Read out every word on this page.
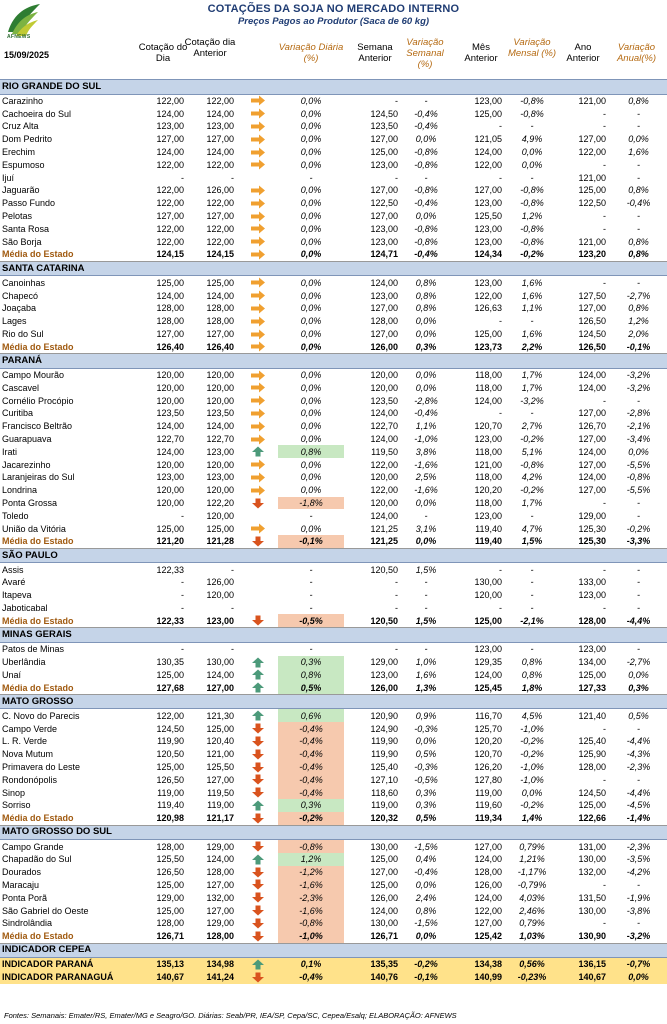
AFNEWS
COTAÇÕES DA SOJA NO MERCADO INTERNO
Preços Pagos ao Produtor (Saca de 60 kg)
15/09/2025
Cotação do Dia
Cotação dia Anterior
Variação Diária (%)
Semana Anterior
Variação Semanal (%)
Mês Anterior
Variação Mensal (%)
Ano Anterior
Variação Anual(%)
RIO GRANDE DO SUL										
Carazinho	122,00	122,00		0,0%	-	-	123,00	-0,8%	121,00	0,8%
Cachoeira do Sul	124,00	124,00		0,0%	124,50	-0,4%	125,00	-0,8%	-	-
Cruz Alta	123,00	123,00		0,0%	123,50	-0,4%	-	-	-	-
Dom Pedrito	127,00	127,00		0,0%	127,00	0,0%	121,05	4,9%	127,00	0,0%
Erechim	124,00	124,00		0,0%	125,00	-0,8%	124,00	0,0%	122,00	1,6%
Espumoso	122,00	122,00		0,0%	123,00	-0,8%	122,00	0,0%	-	-
Ijuí	-	-		-	-	-	-	-	121,00	-
Jaguarão	122,00	126,00		0,0%	127,00	-0,8%	127,00	-0,8%	125,00	0,8%
Passo Fundo	122,00	122,00		0,0%	122,50	-0,4%	123,00	-0,8%	122,50	-0,4%
Pelotas	127,00	127,00		0,0%	127,00	0,0%	125,50	1,2%	-	-
Santa Rosa	122,00	122,00		0,0%	123,00	-0,8%	123,00	-0,8%	-	-
São Borja	122,00	122,00		0,0%	123,00	-0,8%	123,00	-0,8%	121,00	0,8%
Média do Estado	124,15	124,15		0,0%	124,71	-0,4%	124,34	-0,2%	123,20	0,8%
SANTA CATARINA										
Canoinhas	125,00	125,00		0,0%	124,00	0,8%	123,00	1,6%	-	-
Chapecó	124,00	124,00		0,0%	123,00	0,8%	122,00	1,6%	127,50	-2,7%
Joaçaba	128,00	128,00		0,0%	127,00	0,8%	126,63	1,1%	127,00	0,8%
Lages	128,00	128,00		0,0%	128,00	0,0%	-	-	126,50	1,2%
Rio do Sul	127,00	127,00		0,0%	127,00	0,0%	125,00	1,6%	124,50	2,0%
Média do Estado	126,40	126,40		0,0%	126,00	0,3%	123,73	2,2%	126,50	-0,1%
PARANÁ										
Campo Mourão	120,00	120,00		0,0%	120,00	0,0%	118,00	1,7%	124,00	-3,2%
Cascavel	120,00	120,00		0,0%	120,00	0,0%	118,00	1,7%	124,00	-3,2%
Cornélio Procópio	120,00	120,00		0,0%	123,50	-2,8%	124,00	-3,2%	-	-
Curitiba	123,50	123,50		0,0%	124,00	-0,4%	-	-	127,00	-2,8%
Francisco Beltrão	124,00	124,00		0,0%	122,70	1,1%	120,70	2,7%	126,70	-2,1%
Guarapuava	122,70	122,70		0,0%	124,00	-1,0%	123,00	-0,2%	127,00	-3,4%
Irati	124,00	123,00		0,8%	119,50	3,8%	118,00	5,1%	124,00	0,0%
Jacarezinho	120,00	120,00		0,0%	122,00	-1,6%	121,00	-0,8%	127,00	-5,5%
Laranjeiras do Sul	123,00	123,00		0,0%	120,00	2,5%	118,00	4,2%	124,00	-0,8%
Londrina	120,00	120,00		0,0%	122,00	-1,6%	120,20	-0,2%	127,00	-5,5%
Ponta Grossa	120,00	122,20		-1,8%	120,00	0,0%	118,00	1,7%	-	-
Toledo	-	120,00		-	124,00	-	123,00	-	129,00	-
União da Vitória	125,00	125,00		0,0%	121,25	3,1%	119,40	4,7%	125,30	-0,2%
Média do Estado	121,20	121,28		-0,1%	121,25	0,0%	119,40	1,5%	125,30	-3,3%
SÃO PAULO										
Assis	122,33	-		-	120,50	1,5%	-	-	-	-
Avaré	-	126,00		-	-	-	130,00	-	133,00	-
Itapeva	-	120,00		-	-	-	120,00	-	123,00	-
Jaboticabal	-	-		-	-	-	-	-	-	-
Média do Estado	122,33	123,00		-0,5%	120,50	1,5%	125,00	-2,1%	128,00	-4,4%
MINAS GERAIS										
Patos de Minas	-	-		-	-	-	123,00	-	123,00	-
Uberlândia	130,35	130,00		0,3%	129,00	1,0%	129,35	0,8%	134,00	-2,7%
Unaí	125,00	124,00		0,8%	123,00	1,6%	124,00	0,8%	125,00	0,0%
Média do Estado	127,68	127,00		0,5%	126,00	1,3%	125,45	1,8%	127,33	0,3%
MATO GROSSO										
C. Novo do Parecis	122,00	121,30		0,6%	120,90	0,9%	116,70	4,5%	121,40	0,5%
Campo Verde	124,50	125,00		-0,4%	124,90	-0,3%	125,70	-1,0%	-	-
L. R. Verde	119,90	120,40		-0,4%	119,90	0,0%	120,20	-0,2%	125,40	-4,4%
Nova Mutum	120,50	121,00		-0,4%	119,90	0,5%	120,70	-0,2%	125,90	-4,3%
Primavera do Leste	125,00	125,50		-0,4%	125,40	-0,3%	126,20	-1,0%	128,00	-2,3%
Rondonópolis	126,50	127,00		-0,4%	127,10	-0,5%	127,80	-1,0%	-	-
Sinop	119,00	119,50		-0,4%	118,60	0,3%	119,00	0,0%	124,50	-4,4%
Sorriso	119,40	119,00		0,3%	119,00	0,3%	119,60	-0,2%	125,00	-4,5%
Média do Estado	120,98	121,17		-0,2%	120,32	0,5%	119,34	1,4%	122,66	-1,4%
MATO GROSSO DO SUL										
Campo Grande	128,00	129,00		-0,8%	130,00	-1,5%	127,00	0,79%	131,00	-2,3%
Chapadão do Sul	125,50	124,00		1,2%	125,00	0,4%	124,00	1,21%	130,00	-3,5%
Dourados	126,50	128,00		-1,2%	127,00	-0,4%	128,00	-1,17%	132,00	-4,2%
Maracaju	125,00	127,00		-1,6%	125,00	0,0%	126,00	-0,79%	-	-
Ponta Porã	129,00	132,00		-2,3%	126,00	2,4%	124,00	4,03%	131,50	-1,9%
São Gabriel do Oeste	125,00	127,00		-1,6%	124,00	0,8%	122,00	2,46%	130,00	-3,8%
Sindrolândia	128,00	129,00		-0,8%	130,00	-1,5%	127,00	0,79%	-	-
Média do Estado	126,71	128,00		-1,0%	126,71	0,0%	125,42	1,03%	130,90	-3,2%
INDICADOR CEPEA										
INDICADOR PARANÁ	135,13	134,98		0,1%	135,35	-0,2%	134,38	0,56%	136,15	-0,7%
INDICADOR PARANAGUÁ	140,67	141,24		-0,4%	140,76	-0,1%	140,99	-0,23%	140,67	0,0%
Fontes: Semanais: Emater/RS, Emater/MG e Seagro/GO. Diárias: Seab/PR, IEA/SP, Cepa/SC, Cepea/Esalq; ELABORAÇÃO: AFNEWS
